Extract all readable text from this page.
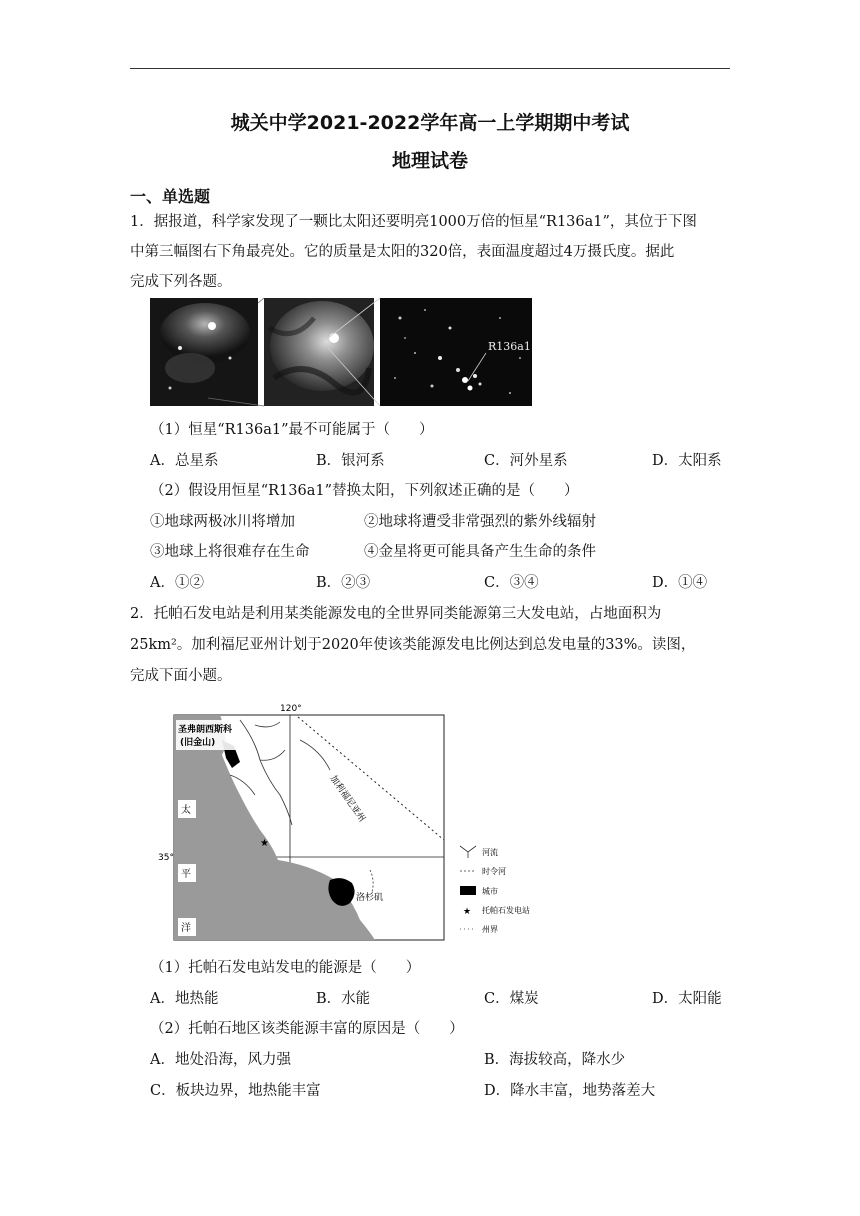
城关中学2021-2022学年高一上学期期中考试
地理试卷
一、单选题
1．据报道，科学家发现了一颗比太阳还要明亮1000万倍的恒星“R136a1”，其位于下图
中第三幅图右下角最亮处。它的质量是太阳的320倍，表面温度超过4万摄氏度。据此
完成下列各题。
R136a1
（1）恒星“R136a1”最不可能属于（　　）
A．总星系	B．银河系	C．河外星系	D．太阳系
（2）假设用恒星“R136a1”替换太阳，下列叙述正确的是（　　）
①地球两极冰川将增加	②地球将遭受非常强烈的紫外线辐射
③地球上将很难存在生命	④金星将更可能具备产生生命的条件
A．①②	B．②③	C．③④	D．①④
2．托帕石发电站是利用某类能源发电的全世界同类能源第三大发电站，占地面积为
25km²。加利福尼亚州计划于2020年使该类能源发电比例达到总发电量的33%。读图，
完成下面小题。
120°
35°
★
圣弗朗西斯科
(旧金山)
加利福尼亚州
太
平
洋
洛杉矶
河流
时令河
城市
★ 托帕石发电站
州界
（1）托帕石发电站发电的能源是（　　）
A．地热能	B．水能	C．煤炭	D．太阳能
（2）托帕石地区该类能源丰富的原因是（　　）
A．地处沿海，风力强	B．海拔较高，降水少
C．板块边界，地热能丰富	D．降水丰富，地势落差大
